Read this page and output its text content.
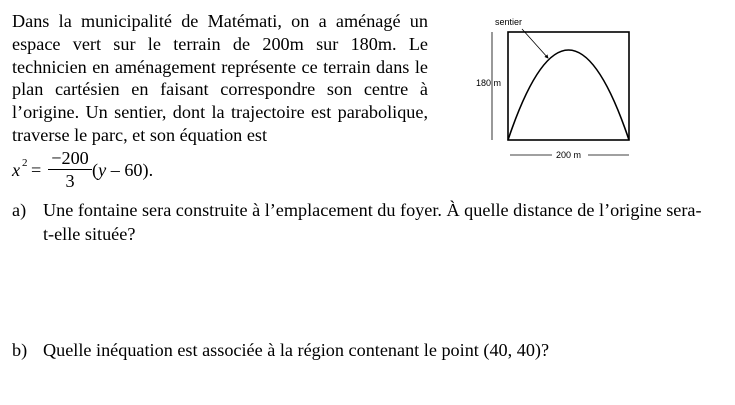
Dans la municipalité de Matémati, on a aménagé un espace vert sur le terrain de 200m sur 180m. Le technicien en aménagement représente ce terrain dans le plan cartésien en faisant correspondre son centre à l’origine. Un sentier, dont la trajectoire est parabolique, traverse le parc, et son équation est

x $2 = \frac{-200}{3} (y - 60)$.
sentier
180 m
200 m
a) Une fontaine sera construite à l’emplacement du foyer. À quelle distance de l’origine sera-t-elle située?
b) Quelle inéquation est associée à la région contenant le point (40, 40)?
